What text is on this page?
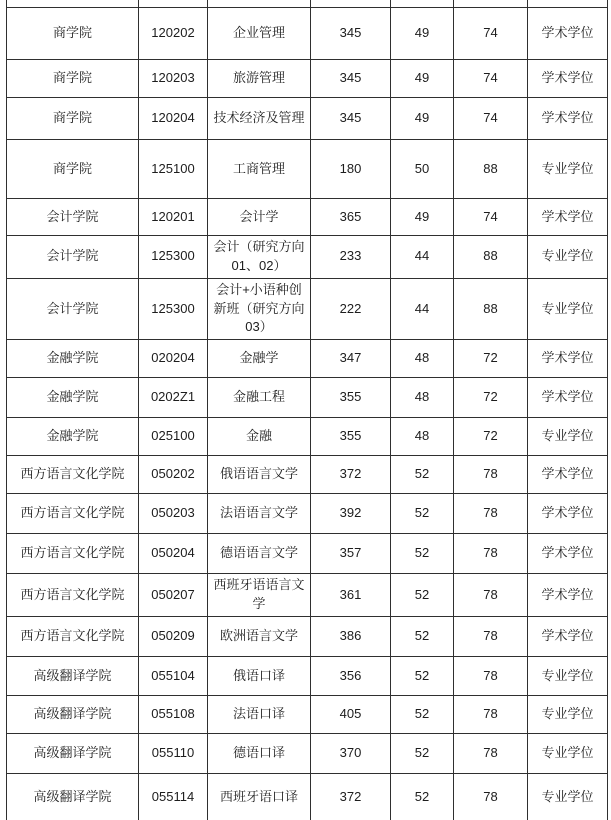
商学院	120202	企业管理	345	49	74	学术学位
商学院	120203	旅游管理	345	49	74	学术学位
商学院	120204	技术经济及管理	345	49	74	学术学位
商学院	125100	工商管理	180	50	88	专业学位
会计学院	120201	会计学	365	49	74	学术学位
会计学院	125300	会计（研究方向01、02）	233	44	88	专业学位
会计学院	125300	会计+小语种创新班（研究方向03）	222	44	88	专业学位
金融学院	020204	金融学	347	48	72	学术学位
金融学院	0202Z1	金融工程	355	48	72	学术学位
金融学院	025100	金融	355	48	72	专业学位
西方语言文化学院	050202	俄语语言文学	372	52	78	学术学位
西方语言文化学院	050203	法语语言文学	392	52	78	学术学位
西方语言文化学院	050204	德语语言文学	357	52	78	学术学位
西方语言文化学院	050207	西班牙语语言文学	361	52	78	学术学位
西方语言文化学院	050209	欧洲语言文学	386	52	78	学术学位
高级翻译学院	055104	俄语口译	356	52	78	专业学位
高级翻译学院	055108	法语口译	405	52	78	专业学位
高级翻译学院	055110	德语口译	370	52	78	专业学位
高级翻译学院	055114	西班牙语口译	372	52	78	专业学位
